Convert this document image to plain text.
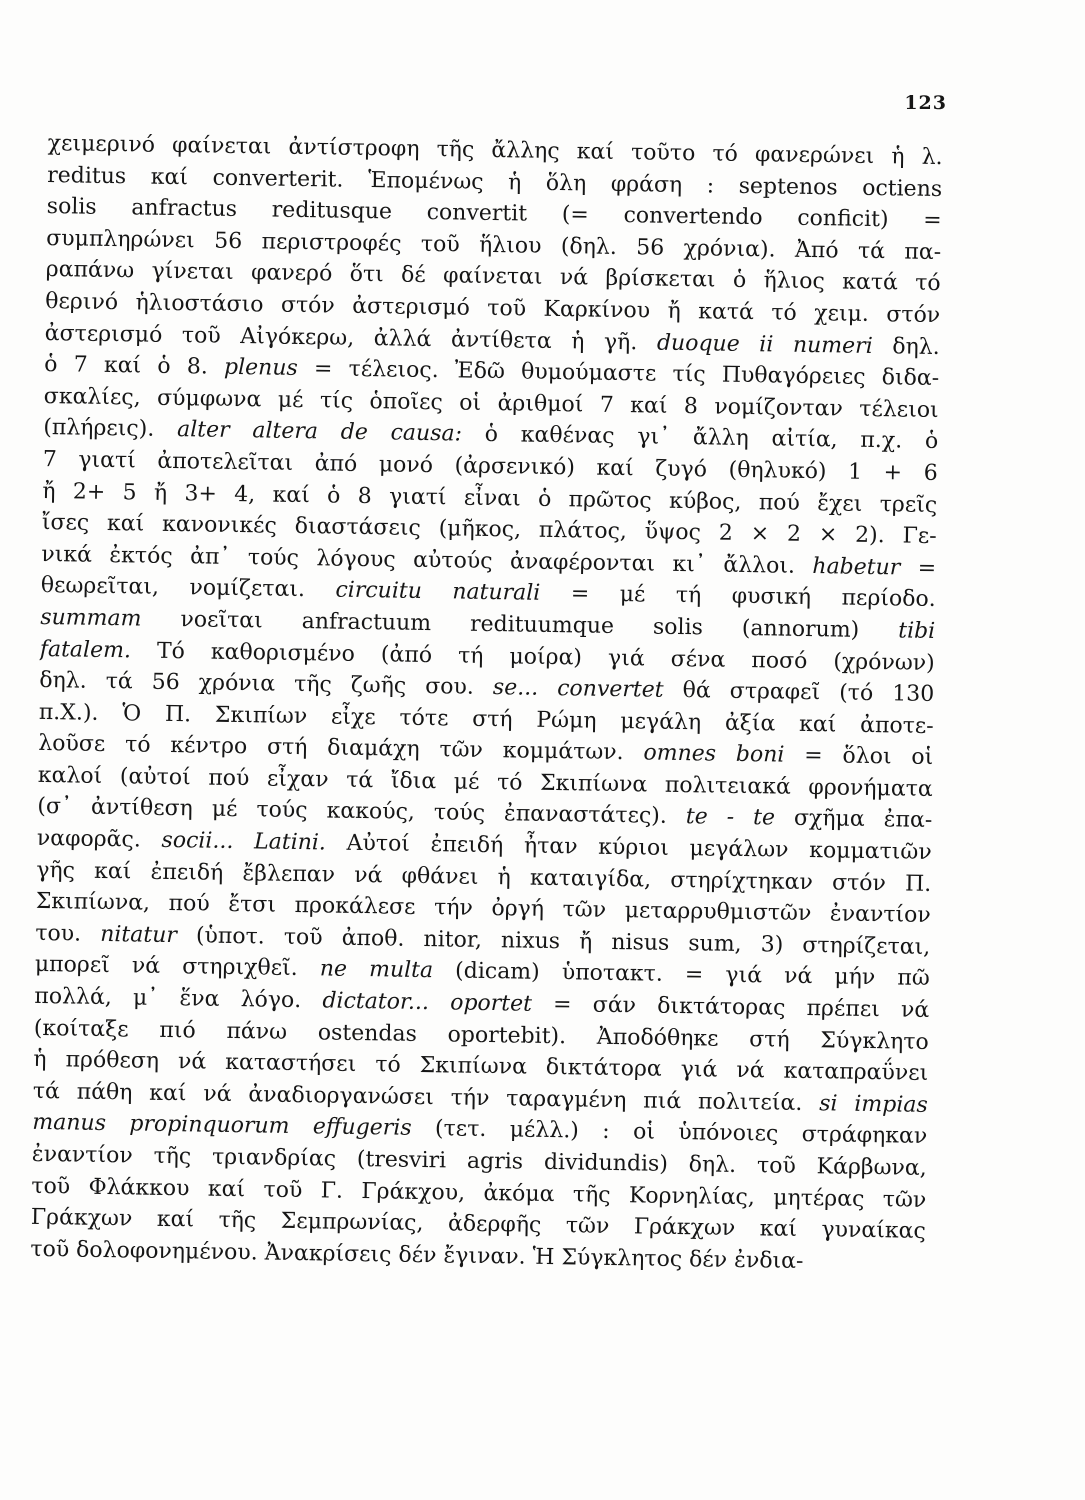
123
χειμερινό φαίνεται ἀντίστροφη τῆς ἄλλης καί τοῦτο τό φανερώνει ἡ λ.
reditus καί converterit. Ἑπομένως ἡ ὅλη φράση : septenos octiens
solis anfractus reditusque convertit (= convertendo conficit) =
συμπληρώνει 56 περιστροφές τοῦ ἥλιου (δηλ. 56 χρόνια). Ἀπό τά πα-
ραπάνω γίνεται φανερό ὅτι δέ φαίνεται νά βρίσκεται ὁ ἥλιος κατά τό
θερινό ἡλιοστάσιο στόν ἀστερισμό τοῦ Καρκίνου ἤ κατά τό χειμ. στόν
ἀστερισμό τοῦ Αἰγόκερω, ἀλλά ἀντίθετα ἡ γῆ. duoque ii numeri δηλ.
ὁ 7 καί ὁ 8. plenus = τέλειος. Ἐδῶ θυμούμαστε τίς Πυθαγόρειες διδα-
σκαλίες, σύμφωνα μέ τίς ὁποῖες οἱ ἀριθμοί 7 καί 8 νομίζονταν τέλειοι
(πλήρεις). alter altera de causa: ὁ καθένας γι᾿ ἄλλη αἰτία, π.χ. ὁ
7 γιατί ἀποτελεῖται ἀπό μονό (ἀρσενικό) καί ζυγό (θηλυκό) 1 + 6
ἤ 2+ 5 ἤ 3+ 4, καί ὁ 8 γιατί εἶναι ὁ πρῶτος κύβος, πού ἔχει τρεῖς
ἴσες καί κανονικές διαστάσεις (μῆκος, πλάτος, ὕψος 2 × 2 × 2). Γε-
νικά ἐκτός ἀπ᾿ τούς λόγους αὐτούς ἀναφέρονται κι᾿ ἄλλοι. habetur =
θεωρεῖται, νομίζεται. circuitu naturali = μέ τή φυσική περίοδο.
summam νοεῖται anfractuum redituumque solis (annorum) tibi
fatalem. Τό καθορισμένο (ἀπό τή μοίρα) γιά σένα ποσό (χρόνων)
δηλ. τά 56 χρόνια τῆς ζωῆς σου. se... convertet θά στραφεῖ (τό 130
π.Χ.). Ὁ Π. Σκιπίων εἶχε τότε στή Ρώμη μεγάλη ἀξία καί ἀποτε-
λοῦσε τό κέντρο στή διαμάχη τῶν κομμάτων. omnes boni = ὅλοι οἱ
καλοί (αὐτοί πού εἶχαν τά ἴδια μέ τό Σκιπίωνα πολιτειακά φρονήματα
(σ᾿ ἀντίθεση μέ τούς κακούς, τούς ἐπαναστάτες). te - te σχῆμα ἐπα-
ναφορᾶς. socii... Latini. Αὐτοί ἐπειδή ἦταν κύριοι μεγάλων κομματιῶν
γῆς καί ἐπειδή ἔβλεπαν νά φθάνει ἡ καταιγίδα, στηρίχτηκαν στόν Π.
Σκιπίωνα, πού ἔτσι προκάλεσε τήν ὀργή τῶν μεταρρυθμιστῶν ἐναντίον
του. nitatur (ὑποτ. τοῦ ἀποθ. nitor, nixus ἤ nisus sum, 3) στηρίζεται,
μπορεῖ νά στηριχθεῖ. ne multa (dicam) ὑποτακτ. = γιά νά μήν πῶ
πολλά, μ᾿ ἕνα λόγο. dictator... oportet = σάν δικτάτορας πρέπει νά
(κοίταξε πιό πάνω ostendas oportebit). Ἀποδόθηκε στή Σύγκλητο
ἡ πρόθεση νά καταστήσει τό Σκιπίωνα δικτάτορα γιά νά καταπραΰνει
τά πάθη καί νά ἀναδιοργανώσει τήν ταραγμένη πιά πολιτεία. si impias
manus propinquorum effugeris (τετ. μέλλ.) : οἱ ὑπόνοιες στράφηκαν
ἐναντίον τῆς τριανδρίας (tresviri agris dividundis) δηλ. τοῦ Κάρβωνα,
τοῦ Φλάκκου καί τοῦ Γ. Γράκχου, ἀκόμα τῆς Κορνηλίας, μητέρας τῶν
Γράκχων καί τῆς Σεμπρωνίας, ἀδερφῆς τῶν Γράκχων καί γυναίκας
τοῦ δολοφονημένου. Ἀνακρίσεις δέν ἔγιναν. Ἡ Σύγκλητος δέν ἐνδια-
